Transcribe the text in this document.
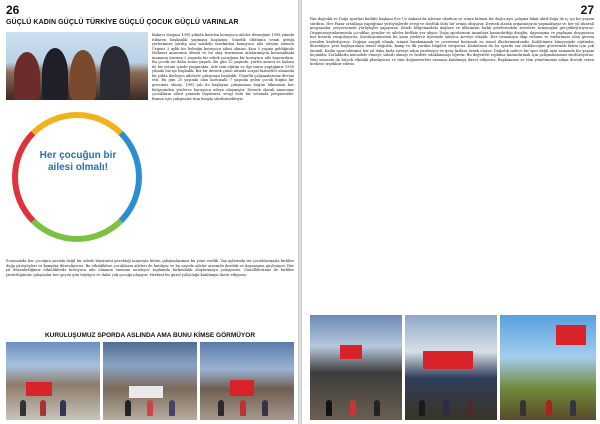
26
GÜÇLÜ KADIN GÜÇLÜ TÜRKİYE GÜÇLÜ ÇOCUK GÜÇLÜ VARINLAR
Her çocuğun bir ailesi olmalı!
Bakırcı Yorganı 1995 yılında kurulan konuyucu aileler derneğine 1998 yılında itibaren başkanlık yapmaya başlamış. Sünelik ölütünün senin gittiği yerlerimize yarılıp ana mizdeki tarafından konuyucu aile olmam istenen Ürgenz 3 aylık bir bebeğin koruyucu ailesi olması. Kısa 5 yaşına geldiğinde Mehmet annesinin ölümü ve bu olay travmanın ailalarımıyon korumaktaki inamının üzerine 2 yaşında bir erkek çocuğuna bir koruyucu aile başvurdum. Bu çocuk ise daha sonra yaşadı. Bu gün 12 yaşında, yurtta annesi ve babası ile bir ortam içinde yaşamakta. Aile tam eğitim ve ilgi sonra yaptığımız 1995 yılında biz işe başladık. Biz bir dernek çatısı altında sosyal hizmetler alanında bu yolda ilerleyen ailelerle çalışmaya başladık. Gönüllü çalışmalarımız devam etti. Bu gün 25 yaşında olan korumalu 7 yaşında gelen çocuk bugün bir gencimiz olmuş. 1995 yılı ile başlayan çalışmamız bugün ülkemizin her bölgesinden yüzlerce koruyucu aileye ulaşmıştır. Dernek olarak amacımız çocukların ailesi yanında büyümesi, sevgi dolu bir ortamda yetişmesidir. Bunun için çalışmalar tüm hızıyla sürdürmekteyiz.
Sonrasında her çocuğun yuvada değil bir ailede büyümesi gerektiği inancıyla bütün çalışmalarımızı bu yöne verdik. Yaz aylarında ise çocuklarımızla birlikte doğa yürüyüşleri ve kamplar düzenliyoruz. Bu etkinliklere çocukların aileleri de katılıyor ve bu sayede aileler arasında dostluk ve dayanışma güçleniyor. Her yıl düzenlediğimiz etkinliklerde koruyucu aile olmanın önemini anlatıyor, toplumda farkındalık oluşturmaya çalışıyoruz. Gönüllülerimiz ile birlikte yürüttüğümüz çalışmalar her geçen gün büyüyor ve daha çok çocuğa ulaşıyor. Herkesi bu güzel yolculuğa katılmaya davet ediyoruz.
KURULUŞUMUZ SPORDA ASLINDA AMA BUNU KİMSE GÖRMÜYOR
27
Pan dağcılık ve Doğa sporları kulübü başkanı Ece Uz Ankara'da işletme okudum ve sonra bilinen bir dağcı ayrı çalışma fakat aktif doğa ile iç içe bir yaşam sürdüm. Her Pazar ortaklaşa yaptığımız yürüyüşlerde sevgi ve dostluk dolu bir ortam oluşuyor. Dernek olarak organizasyon yapmaktayız ve her yıl düzenli programlar çerçevesinde yürüyüşler yapıyoruz. Kendi bölgemizdeki dağlara ve ülkemizin farklı yörelerindeki zirvelere tırmanışlar gerçekleştiriyoruz. Organizasyonlarımızda çocuklar, gençler ve aileler birlikte yer alıyor. Doğa sporlarının insanlara kazandırdığı disiplin, dayanışma ve paylaşım duygusunu her fırsatta vurguluyoruz. Kuruluşumuzdan bu yana yüzlerce üyemizle onlarca zirveye ulaştık. Her tırmanışta ekip ruhunu ve birbirimize olan güveni yeniden keşfediyoruz. Doğaya saygılı olmak, izimizi bırakmamak ve çevremizi korumak en temel ilkelerimizdendir. Kulübümüz bünyesinde eğitimler düzenliyor, yeni başlayanlara temel dağcılık, kamp ve ilk yardım bilgileri veriyoruz. Kadınların da bu sporda var olabileceğini göstermek bizim için çok önemli. Kadın sporcularımız her yıl daha fazla zirveye adını yazdırıyor ve genç kızlara örnek oluyor. Dağcılık sadece bir spor değil aynı zamanda bir yaşam biçimidir. Zorluklarla mücadele etmeyi, sabırlı olmayı ve hedefe odaklanmayı öğretir. Bu değerleri topluma kazandırmak için çalışmalarımızı sürdürüyoruz. Yeni sezonda da birçok etkinlik planlıyoruz ve tüm doğaseverleri aramıza katılmaya davet ediyoruz. Başkanımız ve tüm yönetimimiz adına destek veren herkese teşekkür ederiz.
